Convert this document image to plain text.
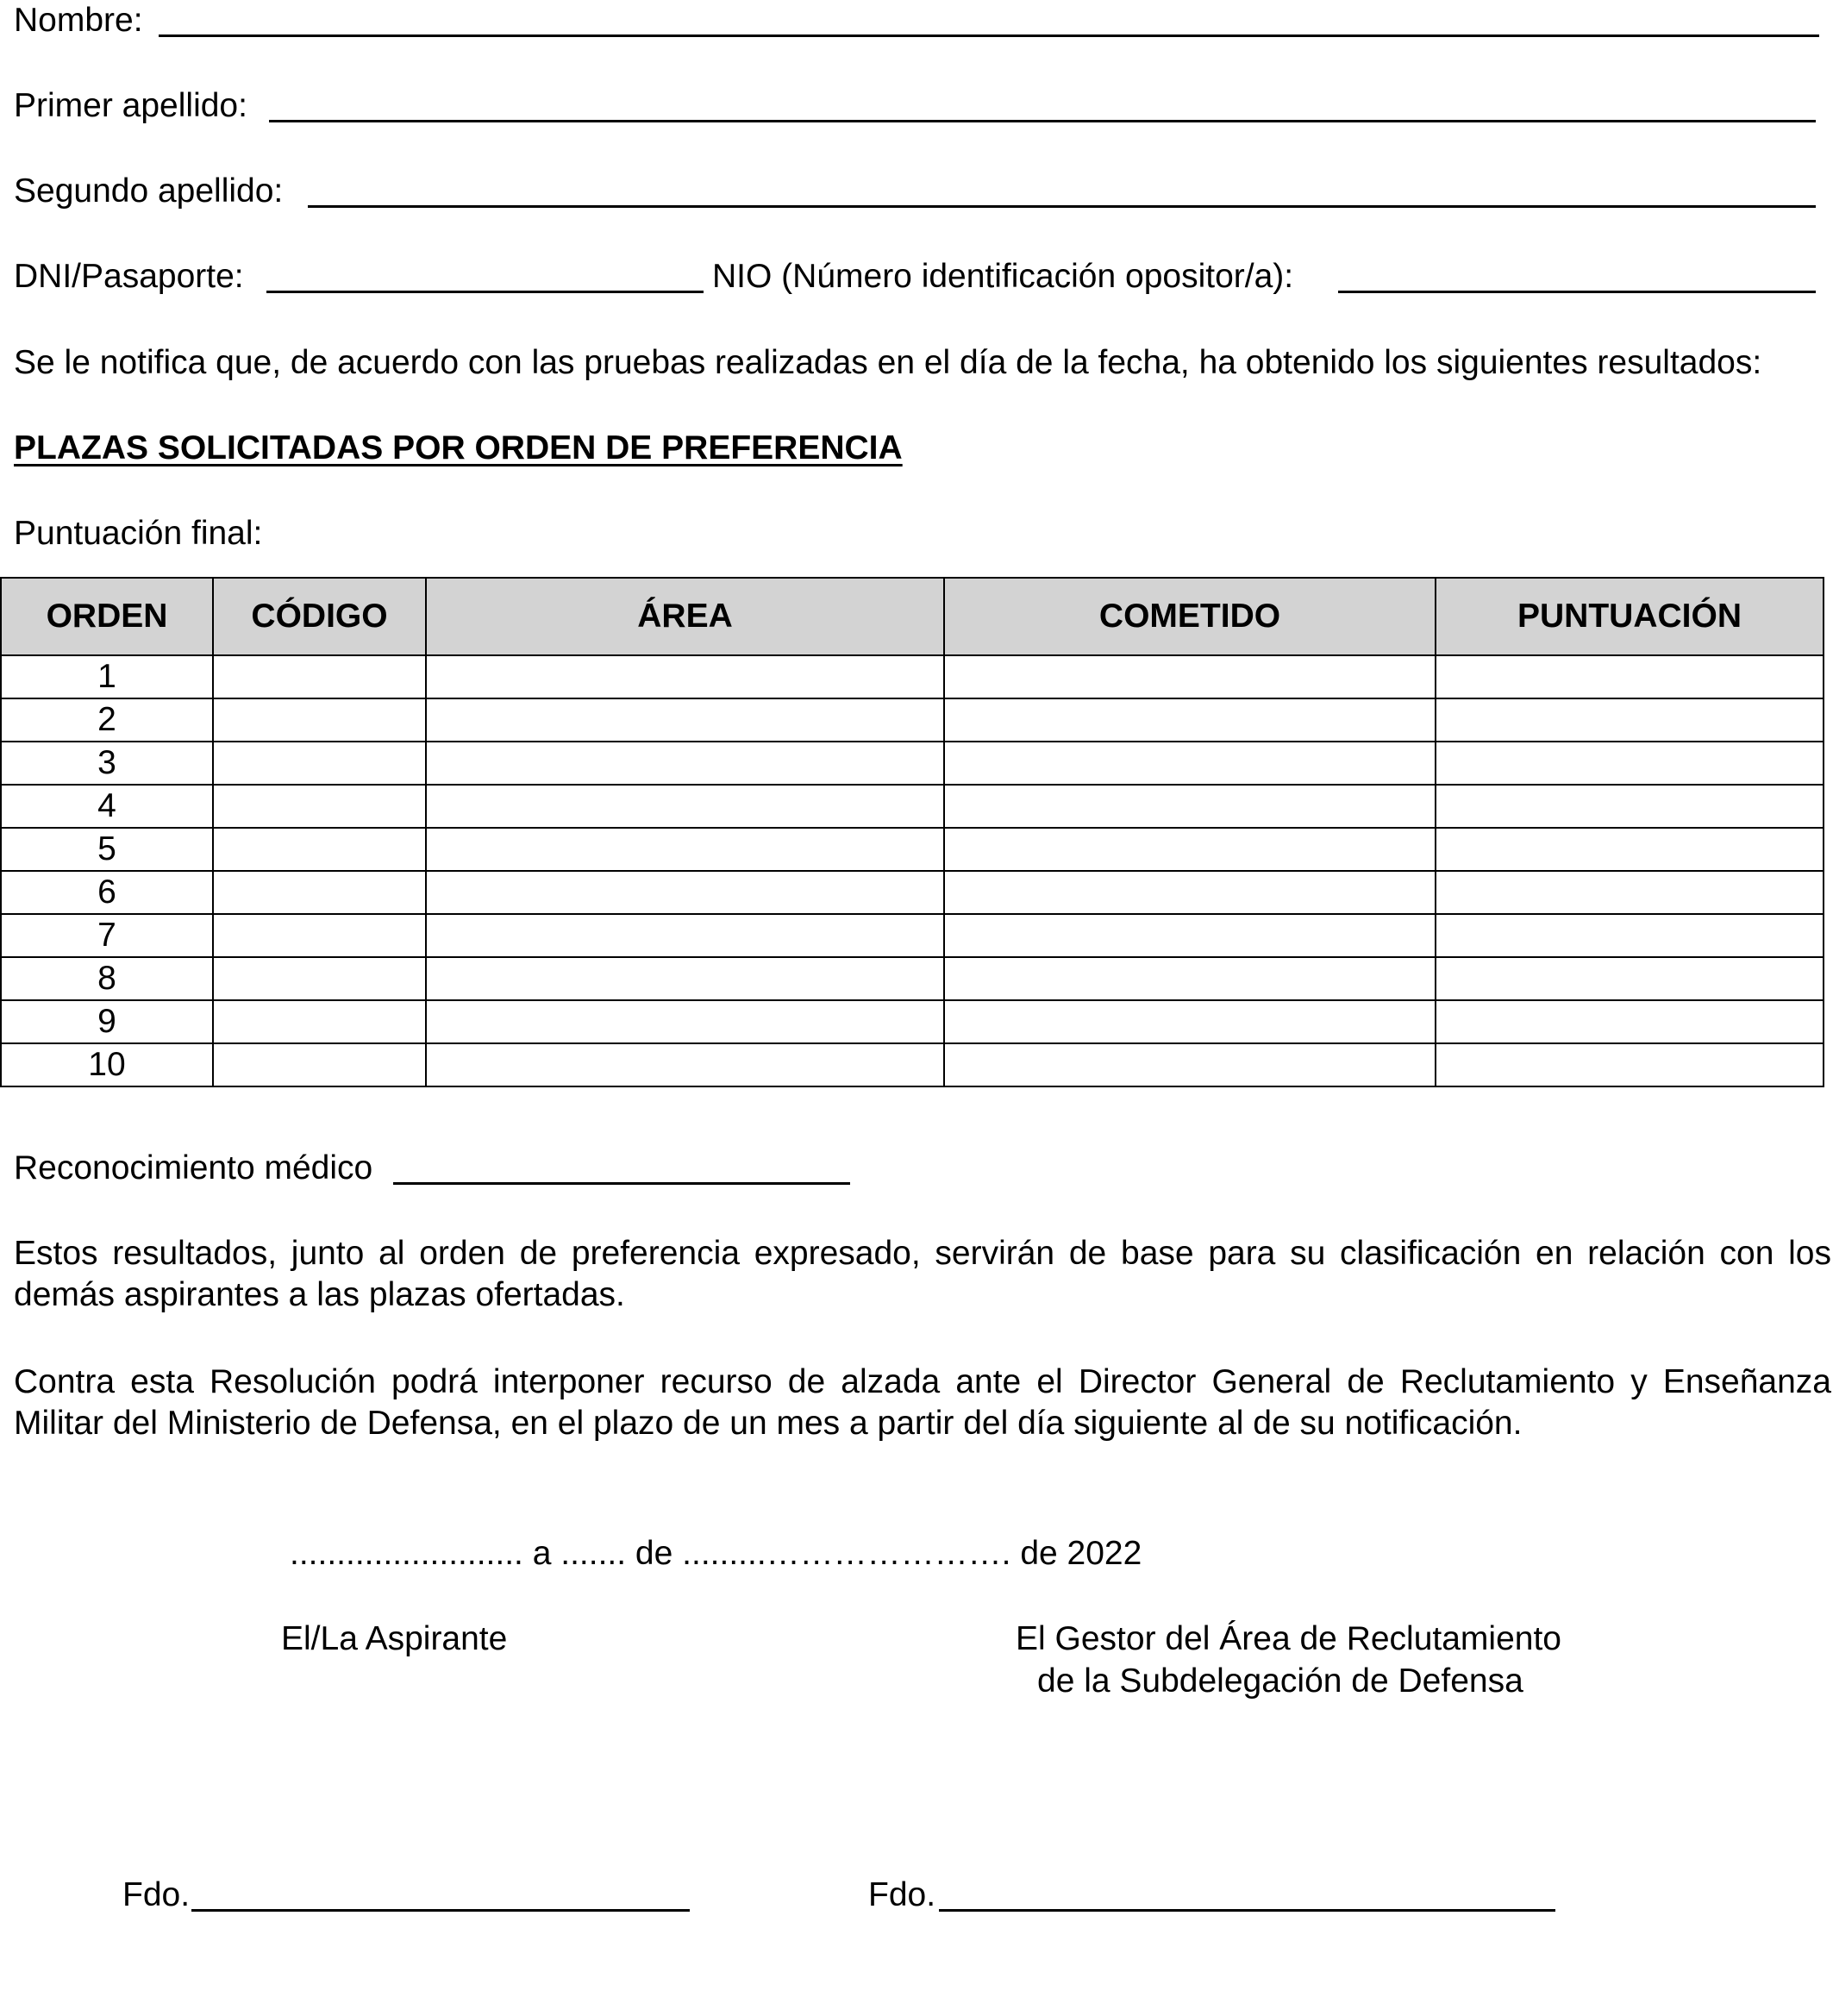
Nombre:
Primer apellido:
Segundo apellido:
DNI/Pasaporte:	NIO (Número identificación opositor/a):
Se le notifica que, de acuerdo con las pruebas realizadas en el día de la fecha, ha obtenido los siguientes resultados:
PLAZAS SOLICITADAS POR ORDEN DE PREFERENCIA
Puntuación final:
ORDEN	CÓDIGO	ÁREA	COMETIDO	PUNTUACIÓN
1				
2				
3				
4				
5				
6				
7				
8				
9				
10				
Reconocimiento médico
Estos resultados, junto al orden de preferencia expresado, servirán de base para su clasificación en relación con los demás aspirantes a las plazas ofertadas.
Contra esta Resolución podrá interponer recurso de alzada ante el Director General de Reclutamiento y Enseñanza Militar del Ministerio de Defensa, en el plazo de un mes a partir del día siguiente al de su notificación.
......................... a ....... de .........…………………. de 2022
El/La Aspirante	El Gestor del Área de Reclutamiento
de la Subdelegación de Defensa
Fdo.	Fdo.
